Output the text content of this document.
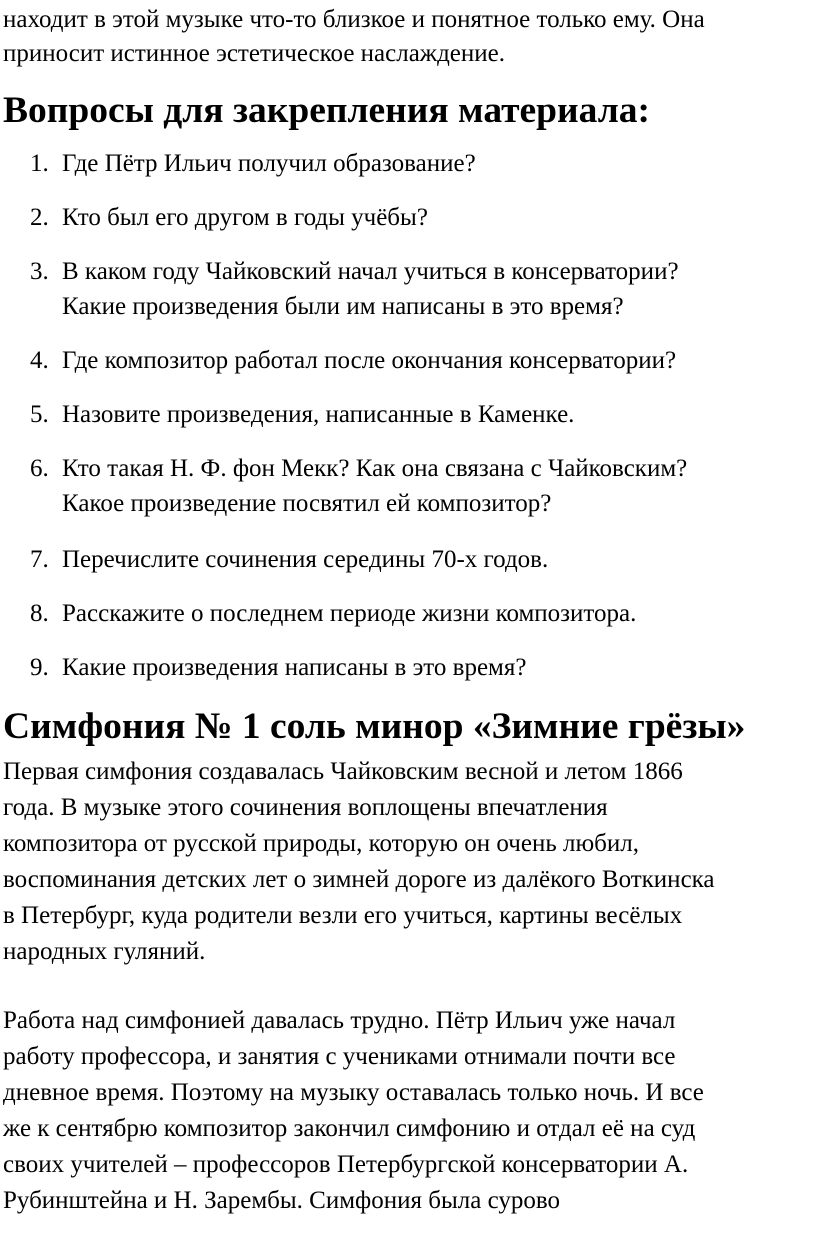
находит в этой музыке что-то близкое и понятное только ему. Она
приносит истинное эстетическое наслаждение.

Вопросы для закрепления материала:
1. Где Пётр Ильич получил образование?
2. Кто был его другом в годы учёбы?
3. В каком году Чайковский начал учиться в консерватории?
Какие произведения были им написаны в это время?
4. Где композитор работал после окончания консерватории?
5. Назовите произведения, написанные в Каменке.
6. Кто такая Н. Ф. фон Мекк? Как она связана с Чайковским?
Какое произведение посвятил ей композитор?
7. Перечислите сочинения середины 70-х годов.
8. Расскажите о последнем периоде жизни композитора.
9. Какие произведения написаны в это время?
Симфония № 1 соль минор «Зимние грёзы»

Первая симфония создавалась Чайковским весной и летом 1866
года. В музыке этого сочинения воплощены впечатления
композитора от русской природы, которую он очень любил,
воспоминания детских лет о зимней дороге из далёкого Воткинска
в Петербург, куда родители везли его учиться, картины весёлых
народных гуляний.

Работа над симфонией давалась трудно. Пётр Ильич уже начал
работу профессора, и занятия с учениками отнимали почти все
дневное время. Поэтому на музыку оставалась только ночь. И все
же к сентябрю композитор закончил симфонию и отдал её на суд
своих учителей – профессоров Петербургской консерватории А.
Рубинштейна и Н. Зарембы. Симфония была сурово
